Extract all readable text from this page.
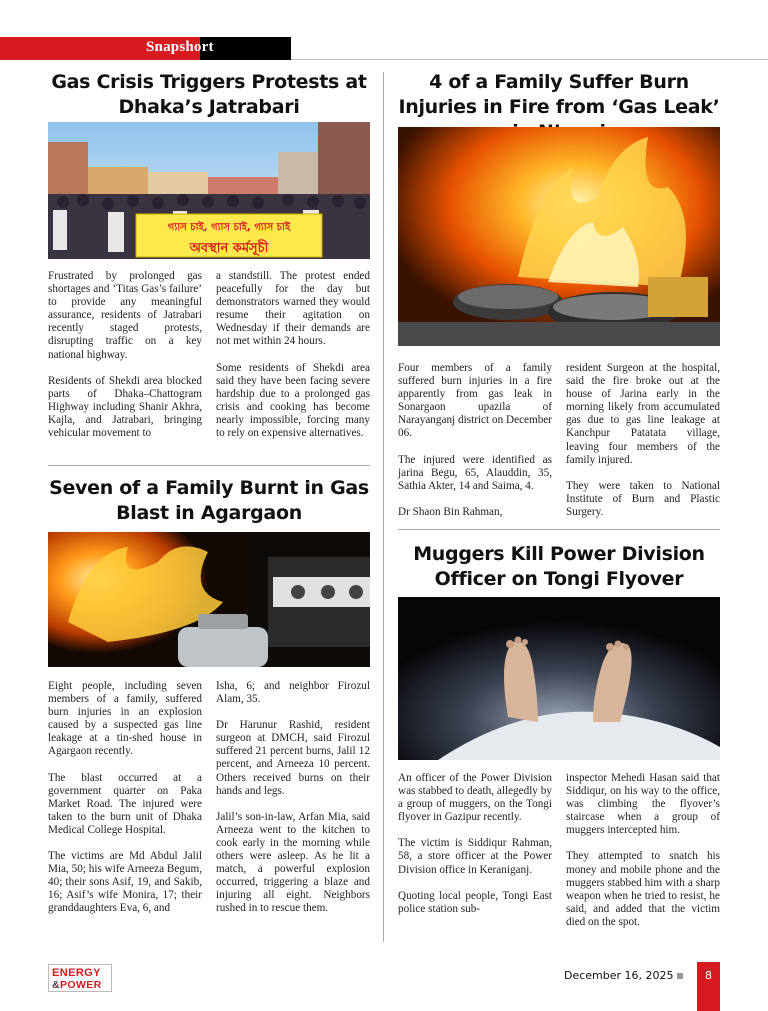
Snapshort
Gas Crisis Triggers Protests at Dhaka’s Jatrabari
গ্যাস চাই, গ্যাস চাই, গ্যাস চাই
অবস্থান কর্মসূচী

Frustrated by prolonged gas shortages and ‘Titas Gas’s failure’ to provide any meaningful assurance, residents of Jatrabari recently staged protests, disrupting traffic on a key national highway.

Residents of Shekdi area blocked parts of Dhaka–Chattogram Highway including Shanir Akhra, Kajla, and Jatrabari, bringing vehicular movement to

a standstill. The protest ended peacefully for the day but demonstrators warned they would resume their agitation on Wednesday if their demands are not met within 24 hours.

Some residents of Shekdi area said they have been facing severe hardship due to a prolonged gas crisis and cooking has become nearly impossible, forcing many to rely on expensive alternatives.

4 of a Family Suffer Burn Injuries in Fire from ‘Gas Leak’

Four members of a family suffered burn injuries in a fire apparently from gas leak in Sonargaon upazila of Narayanganj district on December 06.

The injured were identified as jarina Begu, 65, Alauddin, 35, Sathia Akter, 14 and Saima, 4.

Dr Shaon Bin Rahman,

resident Surgeon at the hospital, said the fire broke out at the house of Jarina early in the morning likely from accumulated gas due to gas line leakage at Kanchpur Patatata village, leaving four members of the family injured.

They were taken to National Institute of Burn and Plastic Surgery.

Seven of a Family Burnt in Gas Blast in Agargaon

Eight people, including seven members of a family, suffered burn injuries in an explosion caused by a suspected gas line leakage at a tin-shed house in Agargaon recently.

The blast occurred at a government quarter on Paka Market Road. The injured were taken to the burn unit of Dhaka Medical College Hospital.

The victims are Md Abdul Jalil Mia, 50; his wife Arneeza Begum, 40; their sons Asif, 19, and Sakib, 16; Asif’s wife Monira, 17; their granddaughters Eva, 6, and

Isha, 6; and neighbor Firozul Alam, 35.

Dr Harunur Rashid, resident surgeon at DMCH, said Firozul suffered 21 percent burns, Jalil 12 percent, and Arneeza 10 percent. Others received burns on their hands and legs.

Jalil’s son-in-law, Arfan Mia, said Arneeza went to the kitchen to cook early in the morning while others were asleep. As he lit a match, a powerful explosion occurred, triggering a blaze and injuring all eight. Neighbors rushed in to rescue them.

Muggers Kill Power Division Officer on Tongi Flyover

An officer of the Power Division was stabbed to death, allegedly by a group of muggers, on the Tongi flyover in Gazipur recently.

The victim is Siddiqur Rahman, 58, a store officer at the Power Division office in Keraniganj.

Quoting local people, Tongi East police station sub-

inspector Mehedi Hasan said that Siddiqur, on his way to the office, was climbing the flyover’s staircase when a group of muggers intercepted him.

They attempted to snatch his money and mobile phone and the muggers stabbed him with a sharp weapon when he tried to resist, he said, and added that the victim died on the spot.

ENERGY
&POWER
December 16, 2025	8
